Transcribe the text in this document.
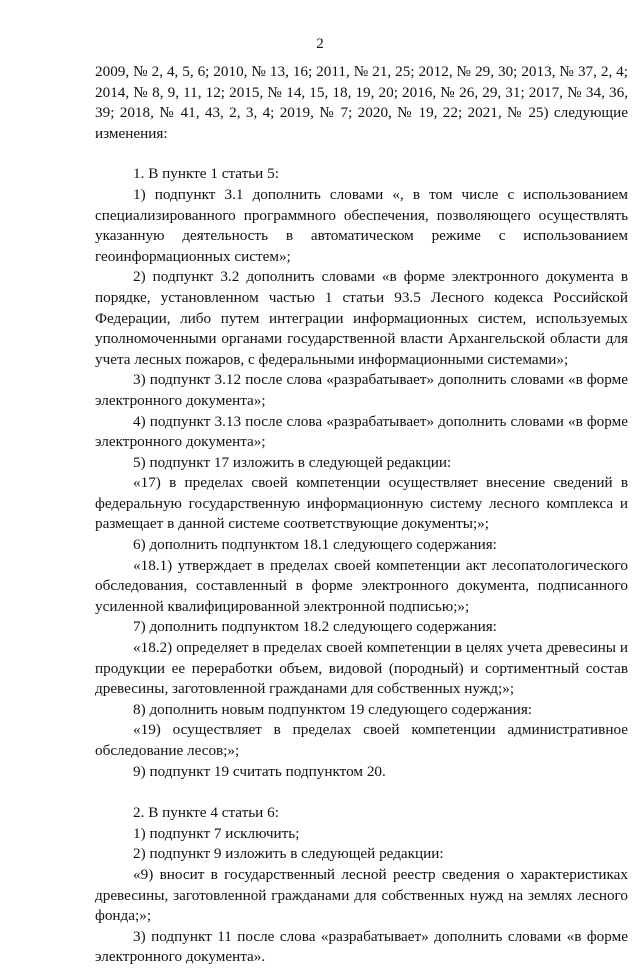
2

2009, № 2, 4, 5, 6; 2010, № 13, 16; 2011, № 21, 25; 2012, № 29, 30; 2013, № 37, 2, 4; 2014, № 8, 9, 11, 12; 2015, № 14, 15, 18, 19, 20; 2016, № 26, 29, 31; 2017, № 34, 36, 39; 2018, № 41, 43, 2, 3, 4; 2019, № 7; 2020, № 19, 22; 2021, № 25) следующие изменения:

1. В пункте 1 статьи 5:

1) подпункт 3.1 дополнить словами «, в том числе с использованием специализированного программного обеспечения, позволяющего осуществлять указанную деятельность в автоматическом режиме с использованием геоинформационных систем»;

2) подпункт 3.2 дополнить словами «в форме электронного документа в порядке, установленном частью 1 статьи 93.5 Лесного кодекса Российской Федерации, либо путем интеграции информационных систем, используемых уполномоченными органами государственной власти Архангельской области для учета лесных пожаров, с федеральными информационными системами»;

3) подпункт 3.12 после слова «разрабатывает» дополнить словами «в форме электронного документа»;

4) подпункт 3.13 после слова «разрабатывает» дополнить словами «в форме электронного документа»;

5) подпункт 17 изложить в следующей редакции:

«17) в пределах своей компетенции осуществляет внесение сведений в федеральную государственную информационную систему лесного комплекса и размещает в данной системе соответствующие документы;»;

6) дополнить подпунктом 18.1 следующего содержания:

«18.1) утверждает в пределах своей компетенции акт лесопатологического обследования, составленный в форме электронного документа, подписанного усиленной квалифицированной электронной подписью;»;

7) дополнить подпунктом 18.2 следующего содержания:

«18.2) определяет в пределах своей компетенции в целях учета древесины и продукции ее переработки объем, видовой (породный) и сортиментный состав древесины, заготовленной гражданами для собственных нужд;»;

8) дополнить новым подпунктом 19 следующего содержания:

«19) осуществляет в пределах своей компетенции административное обследование лесов;»;

9) подпункт 19 считать подпунктом 20.

2. В пункте 4 статьи 6:

1) подпункт 7 исключить;

2) подпункт 9 изложить в следующей редакции:

«9) вносит в государственный лесной реестр сведения о характеристиках древесины, заготовленной гражданами для собственных нужд на землях лесного фонда;»;

3) подпункт 11 после слова «разрабатывает» дополнить словами «в форме электронного документа».
